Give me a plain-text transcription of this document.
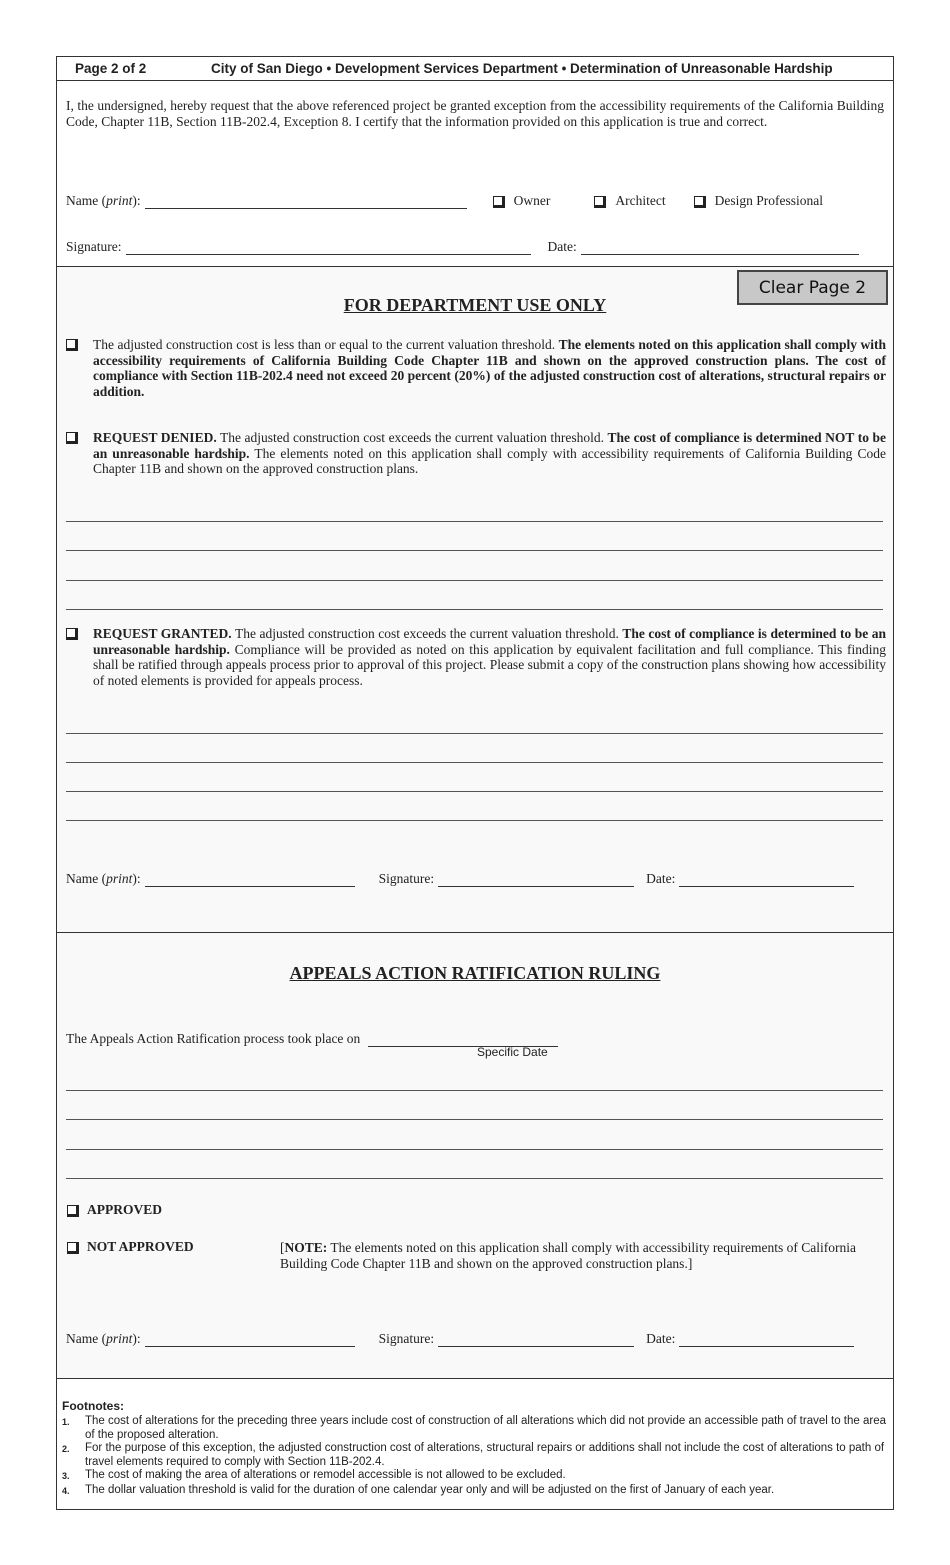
Page 2 of 2	City of San Diego • Development Services Department • Determination of Unreasonable Hardship

I, the undersigned, hereby request that the above referenced project be granted exception from the accessibility requirements of the California Building Code, Chapter 11B, Section 11B-202.4, Exception 8. I certify that the information provided on this application is true and correct.

Name (print):	Owner	Architect	Design Professional
Signature:	Date:
Clear Page 2
FOR DEPARTMENT USE ONLY
The adjusted construction cost is less than or equal to the current valuation threshold. The elements noted on this application shall comply with accessibility requirements of California Building Code Chapter 11B and shown on the approved construction plans. The cost of compliance with Section 11B-202.4 need not exceed 20 percent (20%) of the adjusted construction cost of alterations, structural repairs or addition.
REQUEST DENIED. The adjusted construction cost exceeds the current valuation threshold. The cost of compliance is determined NOT to be an unreasonable hardship. The elements noted on this application shall comply with accessibility requirements of California Building Code Chapter 11B and shown on the approved construction plans.
REQUEST GRANTED. The adjusted construction cost exceeds the current valuation threshold. The cost of compliance is determined to be an unreasonable hardship. Compliance will be provided as noted on this application by equivalent facilitation and full compliance. This finding shall be ratified through appeals process prior to approval of this project. Please submit a copy of the construction plans showing how accessibility of noted elements is provided for appeals process.
Name (print):	Signature:	Date:
APPEALS ACTION RATIFICATION RULING
The Appeals Action Ratification process took place on
Specific Date
APPROVED
NOT APPROVED	[NOTE: The elements noted on this application shall comply with accessibility requirements of California Building Code Chapter 11B and shown on the approved construction plans.]
Name (print):	Signature:	Date:
Footnotes:
1.	The cost of alterations for the preceding three years include cost of construction of all alterations which did not provide an accessible path of travel to the area of the proposed alteration.
2.	For the purpose of this exception, the adjusted construction cost of alterations, structural repairs or additions shall not include the cost of alterations to path of travel elements required to comply with Section 11B-202.4.
3.	The cost of making the area of alterations or remodel accessible is not allowed to be excluded.
4.	The dollar valuation threshold is valid for the duration of one calendar year only and will be adjusted on the first of January of each year.
